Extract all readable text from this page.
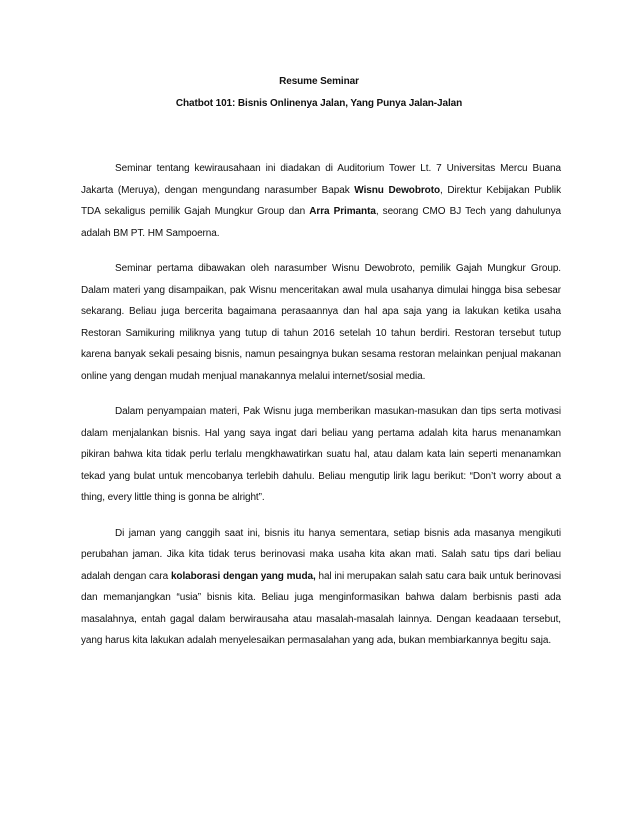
Resume Seminar
Chatbot 101: Bisnis Onlinenya Jalan, Yang Punya Jalan-Jalan

Seminar tentang kewirausahaan ini diadakan di Auditorium Tower Lt. 7 Universitas Mercu Buana Jakarta (Meruya), dengan mengundang narasumber Bapak Wisnu Dewobroto, Direktur Kebijakan Publik TDA sekaligus pemilik Gajah Mungkur Group dan Arra Primanta, seorang CMO BJ Tech yang dahulunya adalah BM PT. HM Sampoerna.

Seminar pertama dibawakan oleh narasumber Wisnu Dewobroto, pemilik Gajah Mungkur Group. Dalam materi yang disampaikan, pak Wisnu menceritakan awal mula usahanya dimulai hingga bisa sebesar sekarang. Beliau juga bercerita bagaimana perasaannya dan hal apa saja yang ia lakukan ketika usaha Restoran Samikuring miliknya yang tutup di tahun 2016 setelah 10 tahun berdiri. Restoran tersebut tutup karena banyak sekali pesaing bisnis, namun pesaingnya bukan sesama restoran melainkan penjual makanan online yang dengan mudah menjual manakannya melalui internet/sosial media.

Dalam penyampaian materi, Pak Wisnu juga memberikan masukan-masukan dan tips serta motivasi dalam menjalankan bisnis. Hal yang saya ingat dari beliau yang pertama adalah kita harus menanamkan pikiran bahwa kita tidak perlu terlalu mengkhawatirkan suatu hal, atau dalam kata lain seperti menanamkan tekad yang bulat untuk mencobanya terlebih dahulu. Beliau mengutip lirik lagu berikut: “Don’t worry about a thing, every little thing is gonna be alright”.

Di jaman yang canggih saat ini, bisnis itu hanya sementara, setiap bisnis ada masanya mengikuti perubahan jaman. Jika kita tidak terus berinovasi maka usaha kita akan mati. Salah satu tips dari beliau adalah dengan cara kolaborasi dengan yang muda, hal ini merupakan salah satu cara baik untuk berinovasi dan memanjangkan “usia” bisnis kita. Beliau juga menginformasikan bahwa dalam berbisnis pasti ada masalahnya, entah gagal dalam berwirausaha atau masalah-masalah lainnya. Dengan keadaaan tersebut, yang harus kita lakukan adalah menyelesaikan permasalahan yang ada, bukan membiarkannya begitu saja.
